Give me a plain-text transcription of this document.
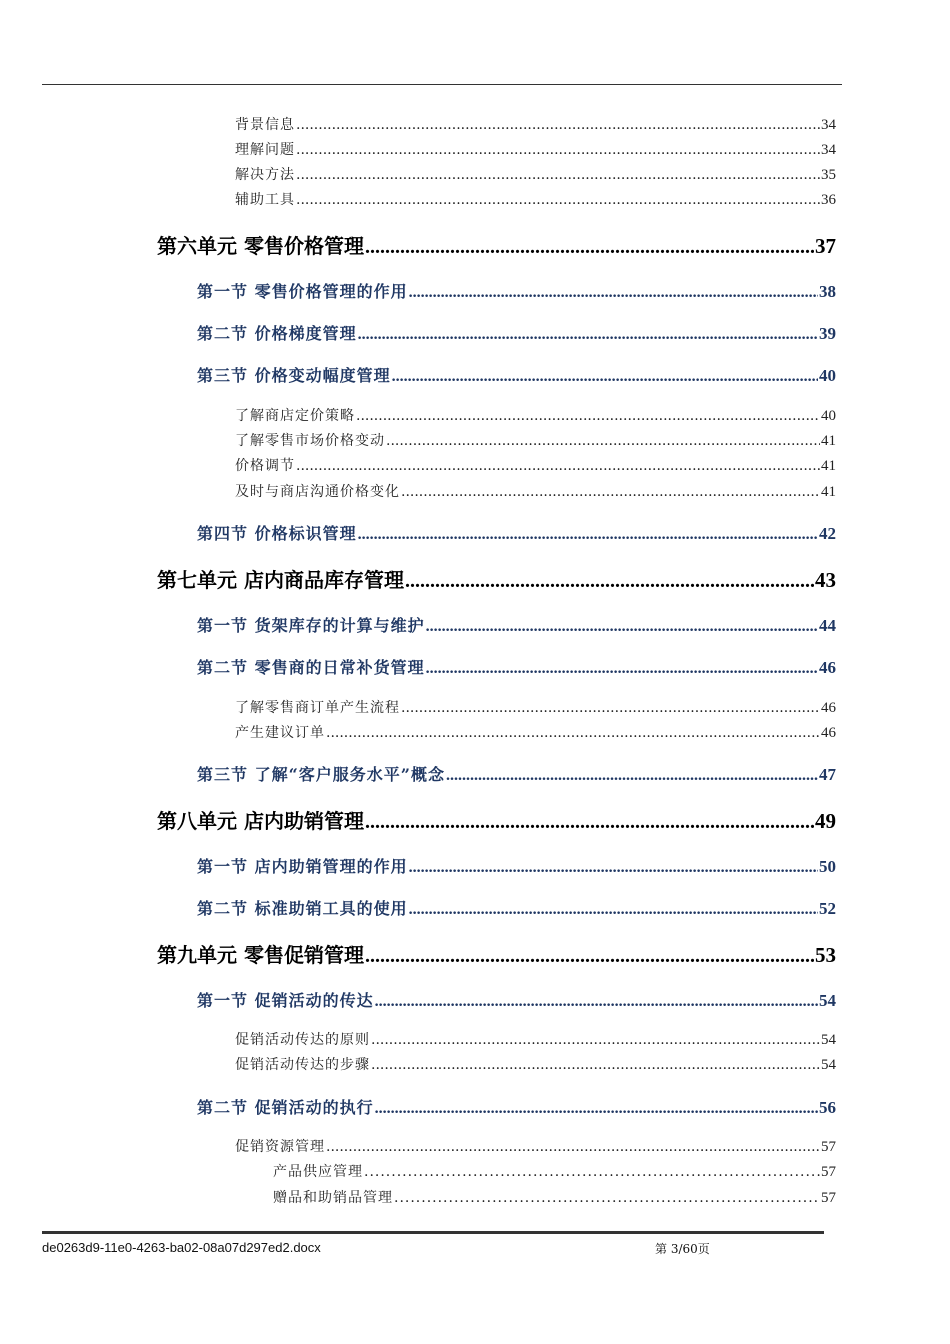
背景信息 .....	34
理解问题 .....	34
解决方法 .....	35
辅助工具 .....	36
第六单元 零售价格管理 .....	37
第一节 零售价格管理的作用 .....	38
第二节 价格梯度管理 .....	39
第三节 价格变动幅度管理 .....	40
了解商店定价策略 .....	40
了解零售市场价格变动 .....	41
价格调节 .....	41
及时与商店沟通价格变化 .....	41
第四节 价格标识管理 .....	42
第七单元 店内商品库存管理 .....	43
第一节 货架库存的计算与维护 .....	44
第二节 零售商的日常补货管理 .....	46
了解零售商订单产生流程 .....	46
产生建议订单 .....	46
第三节 了解“客户服务水平”概念 .....	47
第八单元 店内助销管理 .....	49
第一节 店内助销管理的作用 .....	50
第二节 标准助销工具的使用 .....	52
第九单元 零售促销管理 .....	53
第一节 促销活动的传达 .....	54
促销活动传达的原则 .....	54
促销活动传达的步骤 .....	54
第二节 促销活动的执行 .....	56
促销资源管理 .....	57
产品供应管理 .....	57
赠品和助销品管理 .....	57
de0263d9-11e0-4263-ba02-08a07d297ed2.docx	第 3/60页
